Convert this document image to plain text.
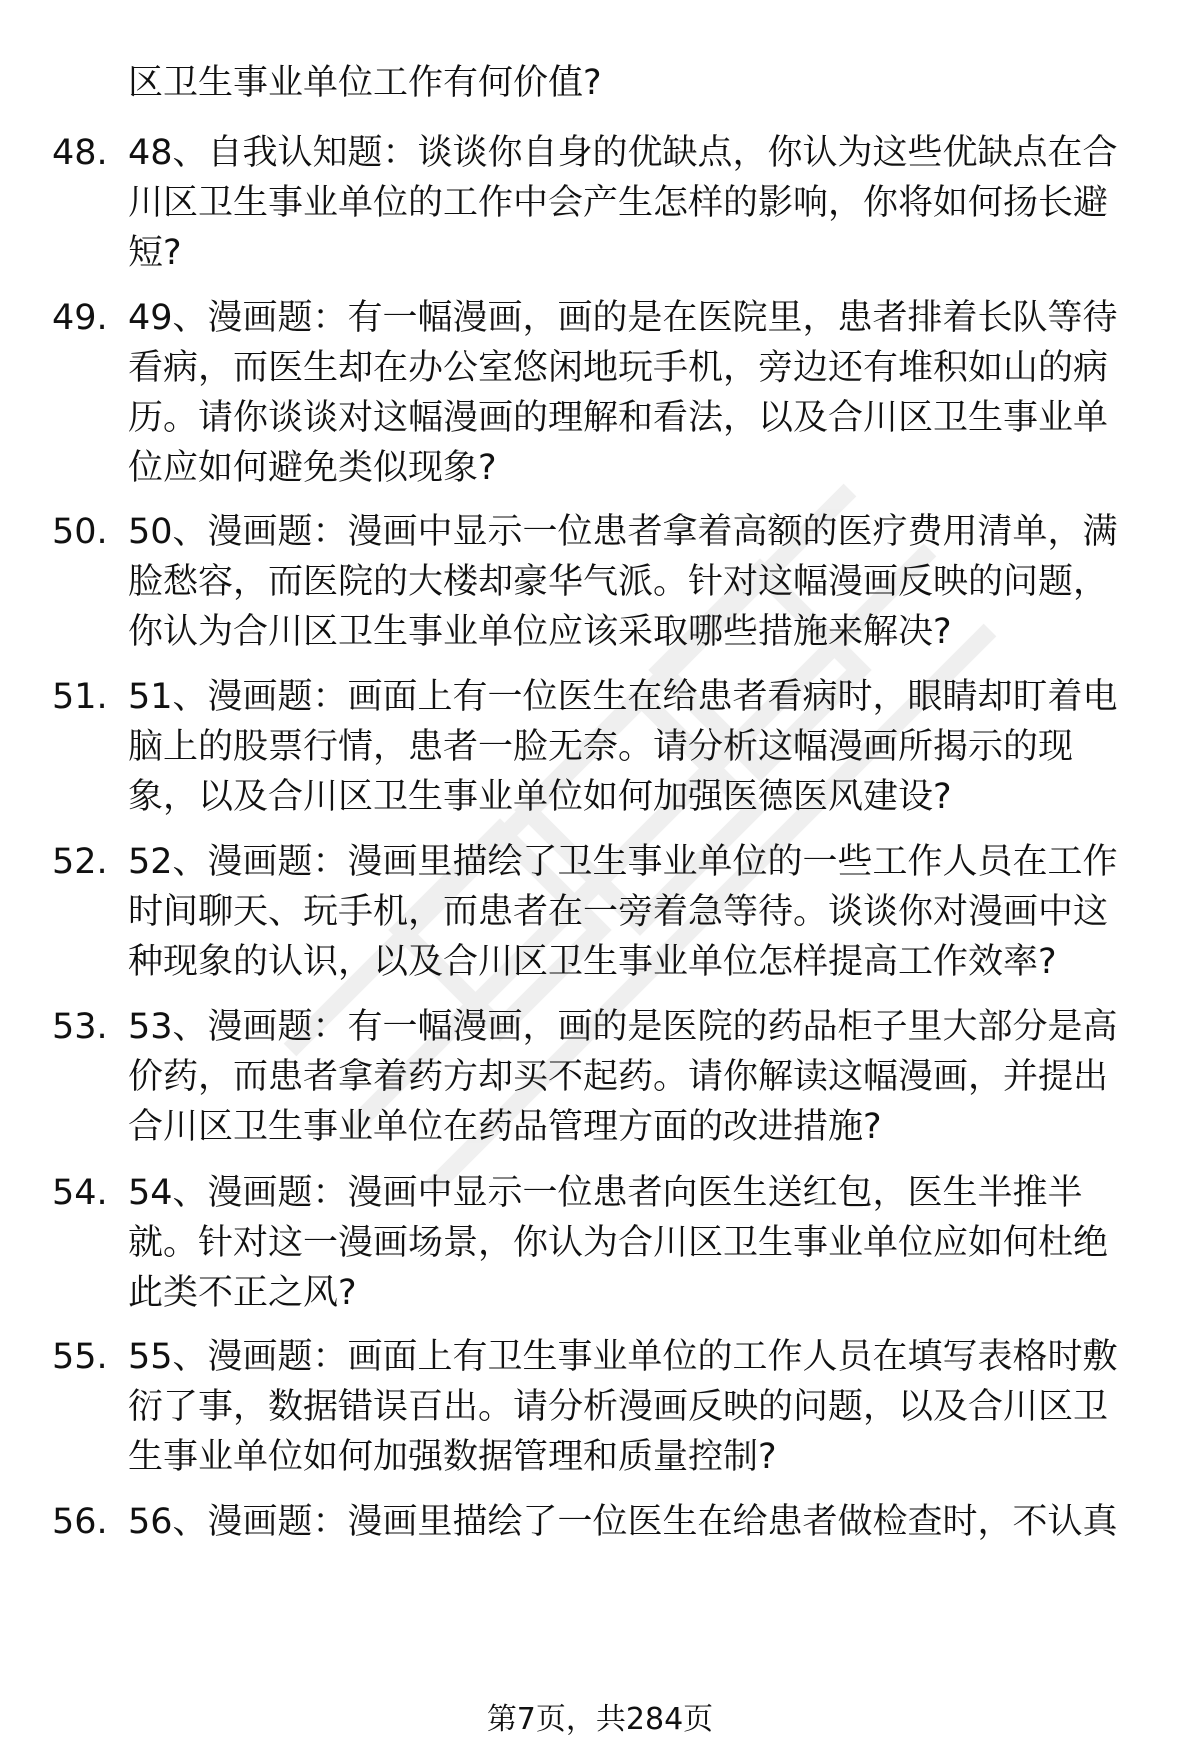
区卫生事业单位工作有何价值?
48. 48、自我认知题：谈谈你自身的优缺点，你认为这些优缺点在合川区卫生事业单位的工作中会产生怎样的影响，你将如何扬长避短?
49. 49、漫画题：有一幅漫画，画的是在医院里，患者排着长队等待看病，而医生却在办公室悠闲地玩手机，旁边还有堆积如山的病历。请你谈谈对这幅漫画的理解和看法，以及合川区卫生事业单位应如何避免类似现象?
50. 50、漫画题：漫画中显示一位患者拿着高额的医疗费用清单，满脸愁容，而医院的大楼却豪华气派。针对这幅漫画反映的问题，你认为合川区卫生事业单位应该采取哪些措施来解决?
51. 51、漫画题：画面上有一位医生在给患者看病时，眼睛却盯着电脑上的股票行情，患者一脸无奈。请分析这幅漫画所揭示的现象，以及合川区卫生事业单位如何加强医德医风建设?
52. 52、漫画题：漫画里描绘了卫生事业单位的一些工作人员在工作时间聊天、玩手机，而患者在一旁着急等待。谈谈你对漫画中这种现象的认识，以及合川区卫生事业单位怎样提高工作效率?
53. 53、漫画题：有一幅漫画，画的是医院的药品柜子里大部分是高价药，而患者拿着药方却买不起药。请你解读这幅漫画，并提出合川区卫生事业单位在药品管理方面的改进措施?
54. 54、漫画题：漫画中显示一位患者向医生送红包，医生半推半就。针对这一漫画场景，你认为合川区卫生事业单位应如何杜绝此类不正之风?
55. 55、漫画题：画面上有卫生事业单位的工作人员在填写表格时敷衍了事，数据错误百出。请分析漫画反映的问题，以及合川区卫生事业单位如何加强数据管理和质量控制?
56. 56、漫画题：漫画里描绘了一位医生在给患者做检查时，不认真
第7页，共284页
